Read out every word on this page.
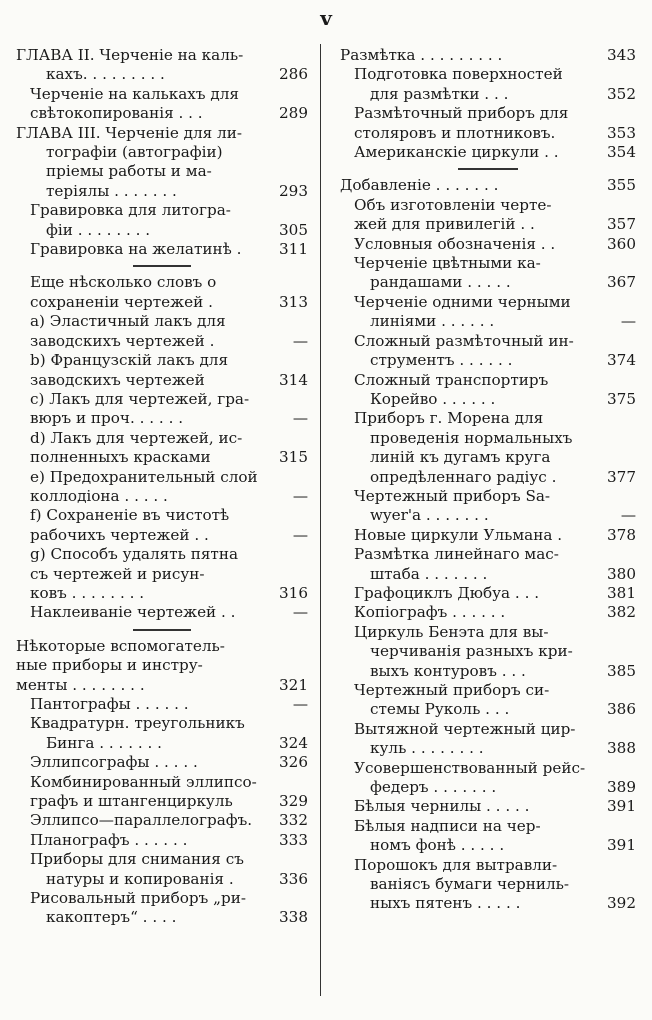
v
ГЛАВА II. Черченіе на каль-
кахъ. . . . . . . . .	286
Черченіе на калькахъ для
свѣтокопированія . . .	289
ГЛАВА III. Черченіе для ли-
тографіи (автографіи)
пріемы работы и ма-
теріялы . . . . . . .	293
Гравировка для литогра-
фіи . . . . . . . .	305
Гравировка на желатинѣ .	311
Еще нѣсколько словъ о
сохраненіи чертежей .	313
а) Эластичный лакъ для
заводскихъ чертежей .	—
b) Французскій лакъ для
заводскихъ чертежей	314
c) Лакъ для чертежей, гра-
вюръ и проч. . . . . .	—
d) Лакъ для чертежей, ис-
полненныхъ красками	315
e) Предохранительный слой
коллодіона . . . . .	—
f) Сохраненіе въ чистотѣ
рабочихъ чертежей . .	—
g) Способъ удалять пятна
съ чертежей и рисун-
ковъ . . . . . . . .	316
Наклеиваніе чертежей . .	—
Нѣкоторые вспомогатель-
ные приборы и инстру-
менты . . . . . . . .	321
Пантографы . . . . . .	—
Квадратурн. треугольникъ
Бинга . . . . . . .	324
Эллипсографы . . . . .	326
Комбинированный эллипсо-
графъ и штангенциркуль	329
Эллипсо—параллелографъ.	332
Планографъ . . . . . .	333
Приборы для снимания съ
натуры и копированія .	336
Рисовальный приборъ „ри-
какоптеръ“ . . . .	338
Размѣтка . . . . . . . . .	343
Подготовка поверхностей
для размѣтки . . .	352
Размѣточный приборъ для
столяровъ и плотниковъ.	353
Американскіе циркули . .	354
Добавленіе . . . . . . .	355
Объ изготовленіи черте-
жей для привилегій . .	357
Условныя обозначенія . .	360
Черченіе цвѣтными ка-
рандашами . . . . .	367
Черченіе одними черными
линіями . . . . . .	—
Сложный размѣточный ин-
струментъ . . . . . .	374
Сложный транспортиръ
Корейво . . . . . .	375
Приборъ г. Морена для
проведенія нормальныхъ
линій къ дугамъ круга
опредѣленнаго радіус .	377
Чертежный приборъ Sa-
wyer'а . . . . . . .	—
Новые циркули Ульмана .	378
Размѣтка линейнаго мас-
штаба . . . . . . .	380
Графоциклъ Дюбуа . . .	381
Копіографъ . . . . . .	382
Циркуль Бенэта для вы-
черчиванія разныхъ кри-
выхъ контуровъ . . .	385
Чертежный приборъ си-
стемы Руколь . . .	386
Вытяжной чертежный цир-
куль . . . . . . . .	388
Усовершенствованный рейс-
федеръ . . . . . . .	389
Бѣлыя чернилы . . . . .	391
Бѣлыя надписи на чер-
номъ фонѣ . . . . .	391
Порошокъ для вытравли-
ваніясъ бумаги черниль-
ныхъ пятенъ . . . . .	392
